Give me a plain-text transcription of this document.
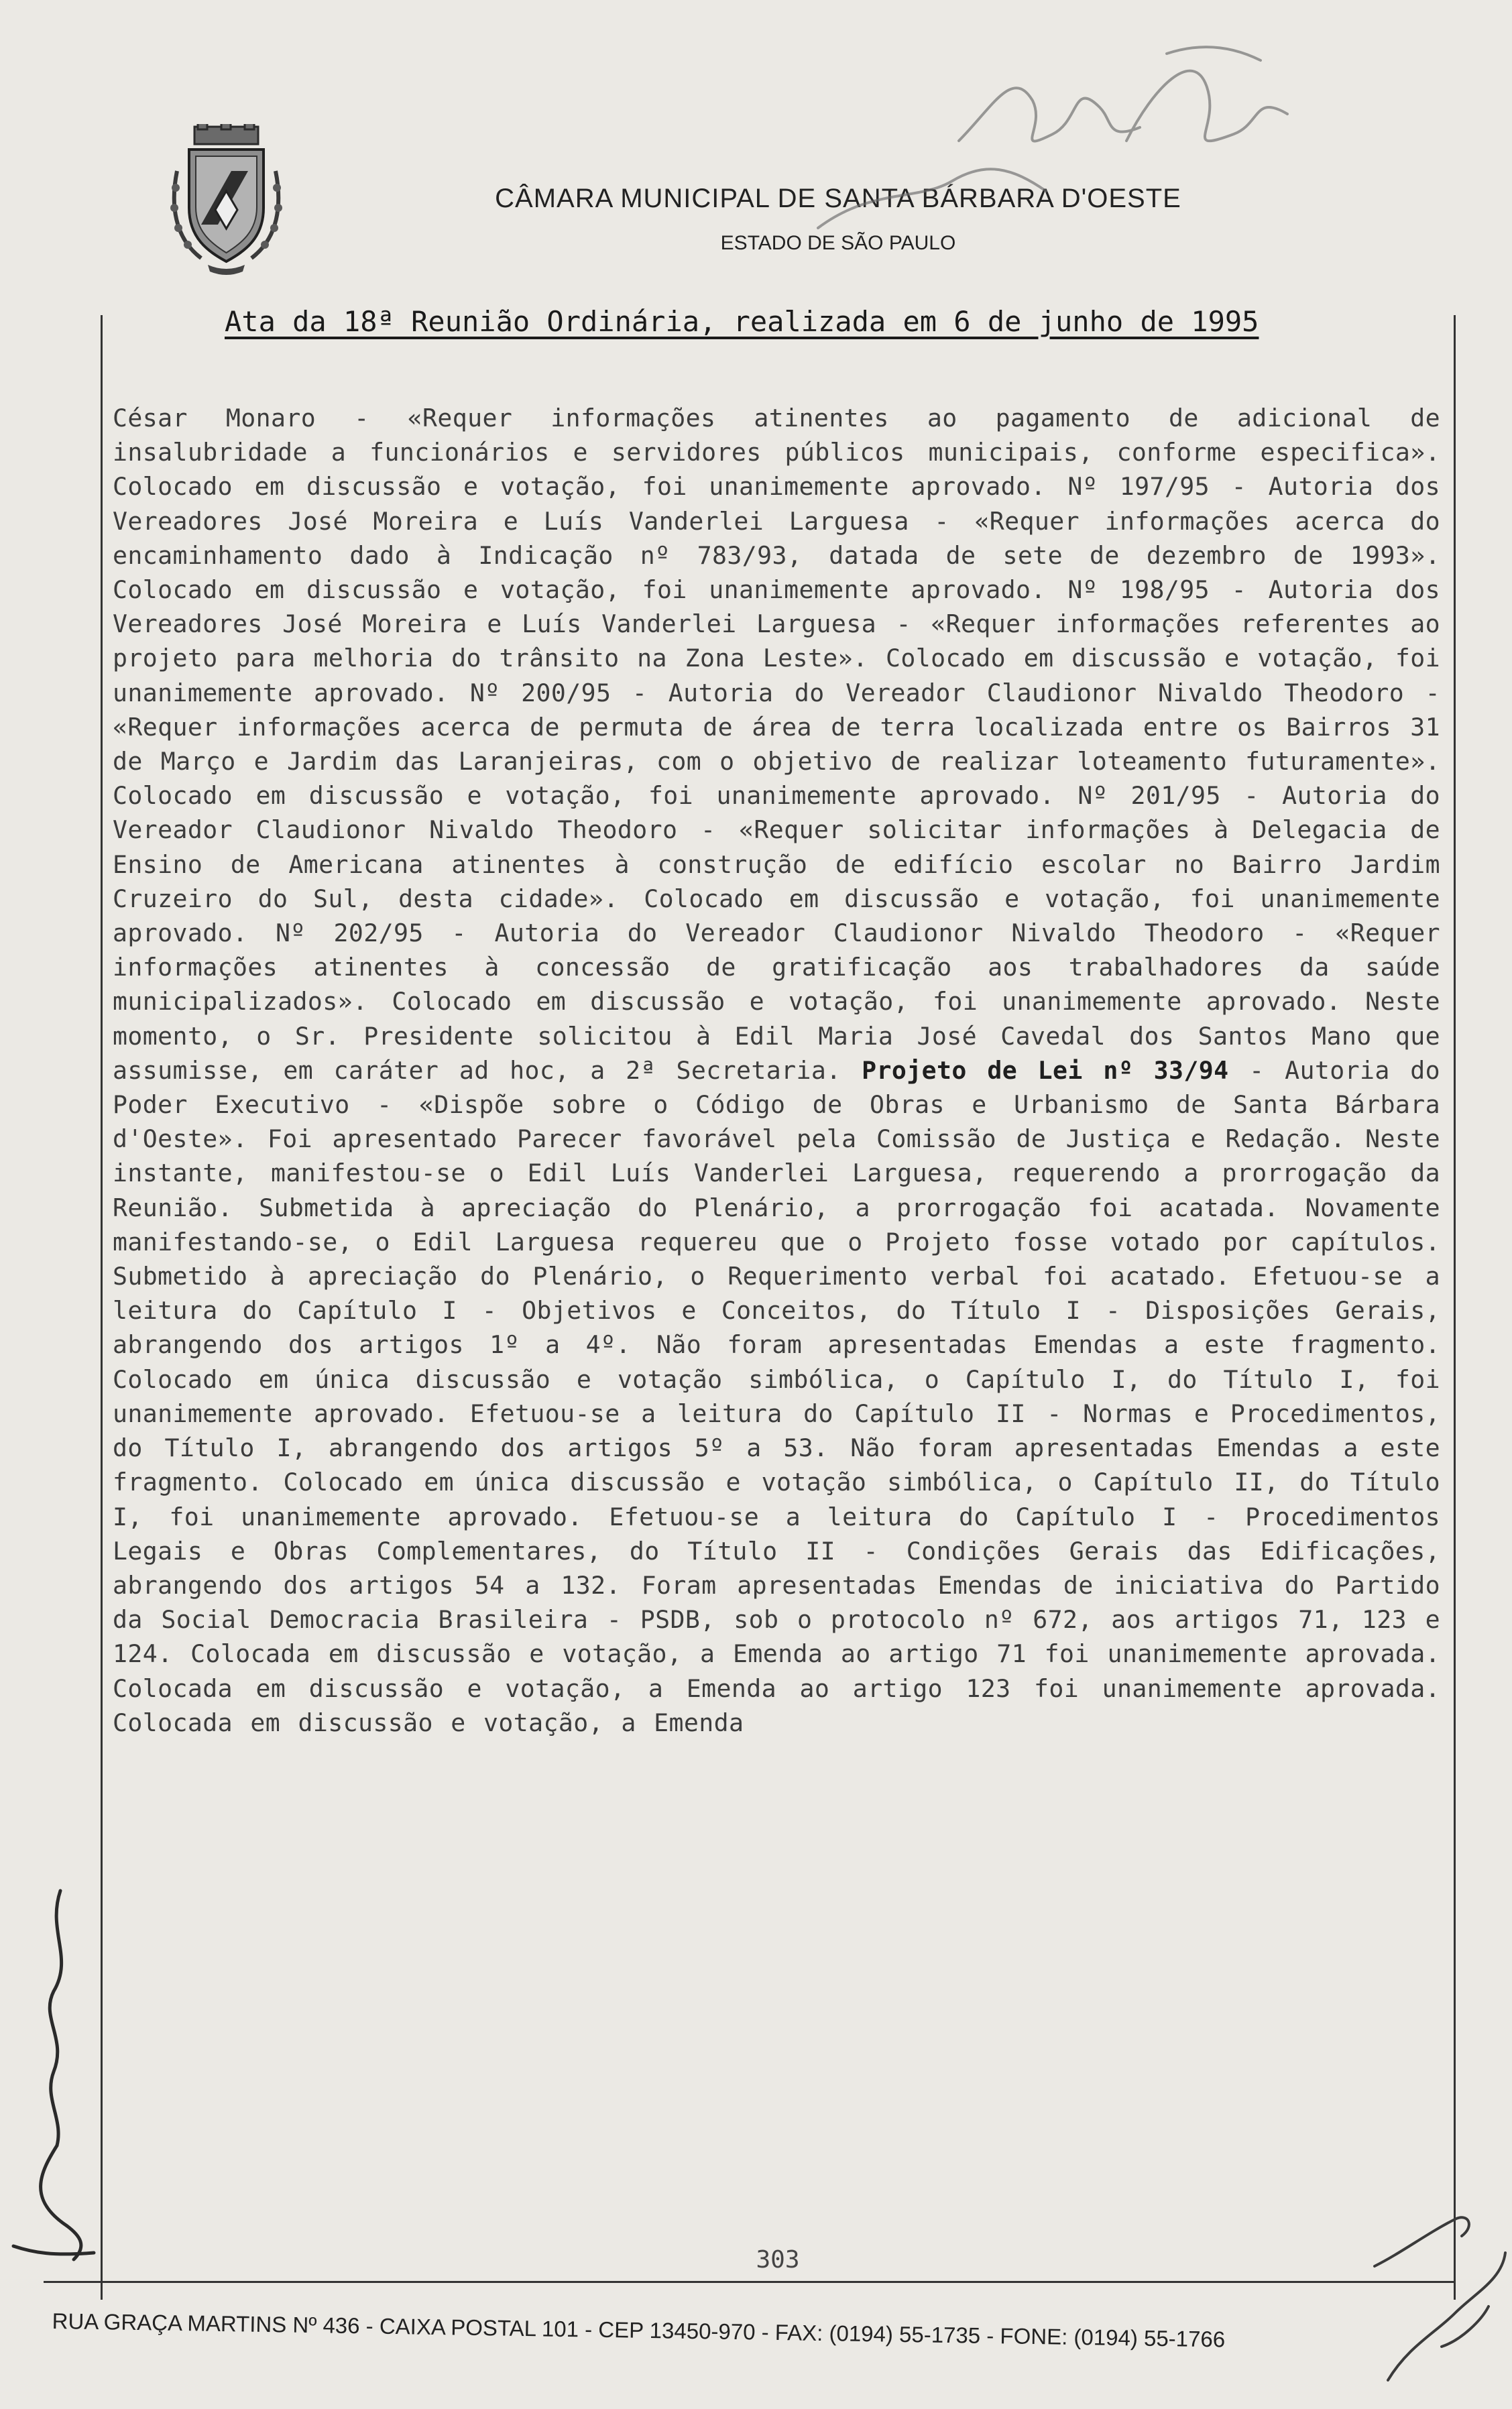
CÂMARA MUNICIPAL DE SANTA BÁRBARA D'OESTE
ESTADO DE SÃO PAULO
Ata da 18ª Reunião Ordinária, realizada em 6 de junho de 1995

César Monaro - «Requer informações atinentes ao pagamento de adicional de insalubridade a funcionários e servidores públicos municipais, conforme especifica». Colocado em discussão e votação, foi unanimemente aprovado. Nº 197/95 - Autoria dos Vereadores José Moreira e Luís Vanderlei Larguesa - «Requer informações acerca do encaminhamento dado à Indicação nº 783/93, datada de sete de dezembro de 1993». Colocado em discussão e votação, foi unanimemente aprovado. Nº 198/95 - Autoria dos Vereadores José Moreira e Luís Vanderlei Larguesa - «Requer informações referentes ao projeto para melhoria do trânsito na Zona Leste». Colocado em discussão e votação, foi unanimemente aprovado. Nº 200/95 - Autoria do Vereador Claudionor Nivaldo Theodoro - «Requer informações acerca de permuta de área de terra localizada entre os Bairros 31 de Março e Jardim das Laranjeiras, com o objetivo de realizar loteamento futuramente». Colocado em discussão e votação, foi unanimemente aprovado. Nº 201/95 - Autoria do Vereador Claudionor Nivaldo Theodoro - «Requer solicitar informações à Delegacia de Ensino de Americana atinentes à construção de edifício escolar no Bairro Jardim Cruzeiro do Sul, desta cidade». Colocado em discussão e votação, foi unanimemente aprovado. Nº 202/95 - Autoria do Vereador Claudionor Nivaldo Theodoro - «Requer informações atinentes à concessão de gratificação aos trabalhadores da saúde municipalizados». Colocado em discussão e votação, foi unanimemente aprovado. Neste momento, o Sr. Presidente solicitou à Edil Maria José Cavedal dos Santos Mano que assumisse, em caráter ad hoc, a 2ª Secretaria. Projeto de Lei nº 33/94 - Autoria do Poder Executivo - «Dispõe sobre o Código de Obras e Urbanismo de Santa Bárbara d'Oeste». Foi apresentado Parecer favorável pela Comissão de Justiça e Redação. Neste instante, manifestou-se o Edil Luís Vanderlei Larguesa, requerendo a prorrogação da Reunião. Submetida à apreciação do Plenário, a prorrogação foi acatada. Novamente manifestando-se, o Edil Larguesa requereu que o Projeto fosse votado por capítulos. Submetido à apreciação do Plenário, o Requerimento verbal foi acatado. Efetuou-se a leitura do Capítulo I - Objetivos e Conceitos, do Título I - Disposições Gerais, abrangendo dos artigos 1º a 4º. Não foram apresentadas Emendas a este fragmento. Colocado em única discussão e votação simbólica, o Capítulo I, do Título I, foi unanimemente aprovado. Efetuou-se a leitura do Capítulo II - Normas e Procedimentos, do Título I, abrangendo dos artigos 5º a 53. Não foram apresentadas Emendas a este fragmento. Colocado em única discussão e votação simbólica, o Capítulo II, do Título I, foi unanimemente aprovado. Efetuou-se a leitura do Capítulo I - Procedimentos Legais e Obras Complementares, do Título II - Condições Gerais das Edificações, abrangendo dos artigos 54 a 132. Foram apresentadas Emendas de iniciativa do Partido da Social Democracia Brasileira - PSDB, sob o protocolo nº 672, aos artigos 71, 123 e 124. Colocada em discussão e votação, a Emenda ao artigo 71 foi unanimemente aprovada. Colocada em discussão e votação, a Emenda ao artigo 123 foi unanimemente aprovada. Colocada em discussão e votação, a Emenda

303
RUA GRAÇA MARTINS Nº 436 - CAIXA POSTAL 101 - CEP 13450-970 - FAX: (0194) 55-1735 - FONE: (0194) 55-1766
